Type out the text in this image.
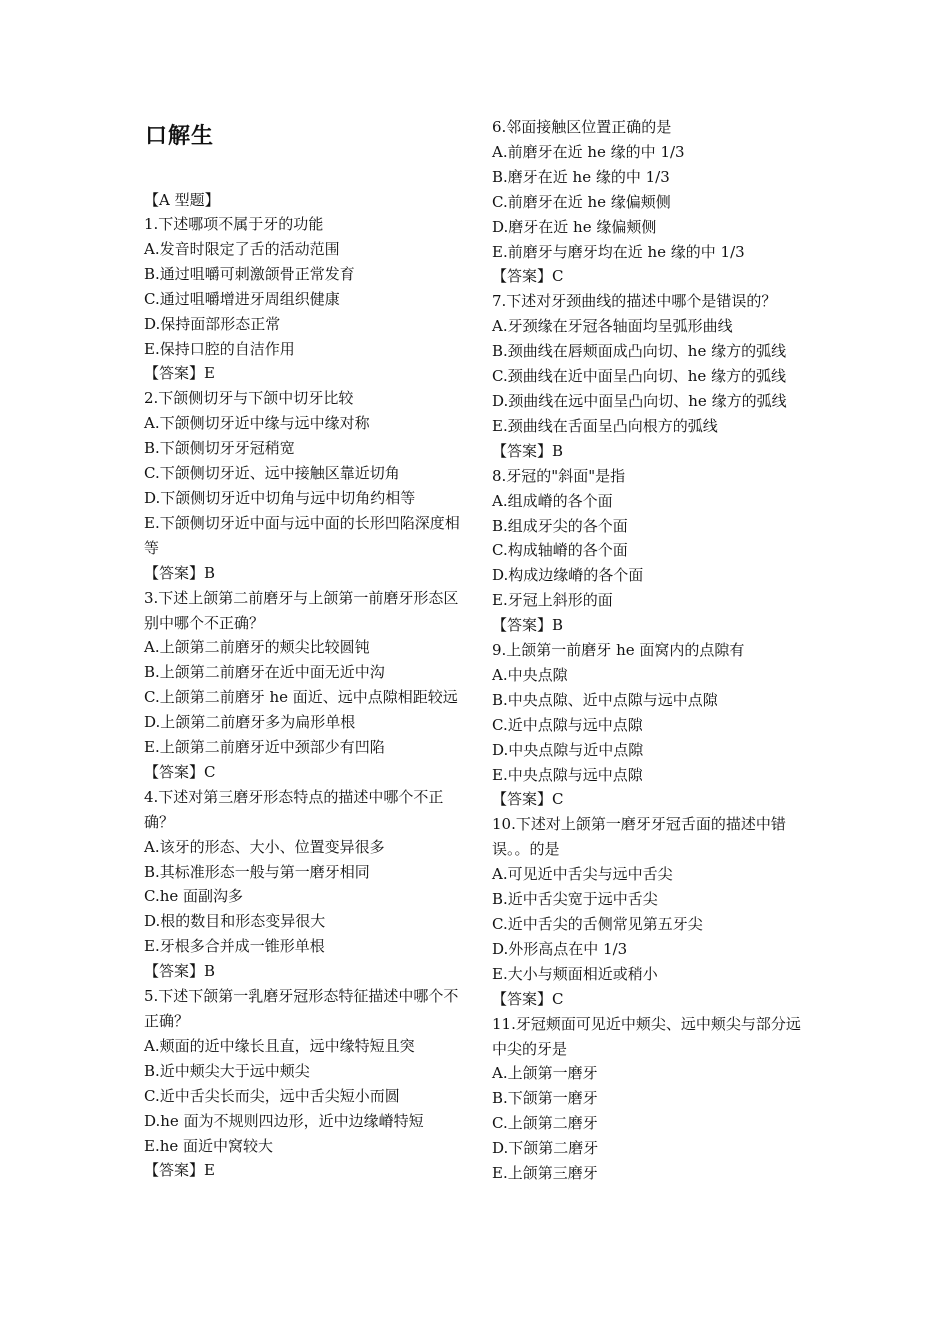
口解生

【A 型题】

1.下述哪项不属于牙的功能

A.发音时限定了舌的活动范围

B.通过咀嚼可刺激颌骨正常发育

C.通过咀嚼增进牙周组织健康

D.保持面部形态正常

E.保持口腔的自洁作用

【答案】E

2.下颌侧切牙与下颌中切牙比较

A.下颌侧切牙近中缘与远中缘对称

B.下颌侧切牙牙冠稍宽

C.下颌侧切牙近、远中接触区靠近切角

D.下颌侧切牙近中切角与远中切角约相等

E.下颌侧切牙近中面与远中面的长形凹陷深度相等

【答案】B

3.下述上颌第二前磨牙与上颌第一前磨牙形态区别中哪个不正确？

A.上颌第二前磨牙的颊尖比较圆钝

B.上颌第二前磨牙在近中面无近中沟

C.上颌第二前磨牙 he 面近、远中点隙相距较远

D.上颌第二前磨牙多为扁形单根

E.上颌第二前磨牙近中颈部少有凹陷

【答案】C

4.下述对第三磨牙形态特点的描述中哪个不正确？

A.该牙的形态、大小、位置变异很多

B.其标准形态一般与第一磨牙相同

C.he 面副沟多

D.根的数目和形态变异很大

E.牙根多合并成一锥形单根

【答案】B

5.下述下颌第一乳磨牙冠形态特征描述中哪个不正确？

A.颊面的近中缘长且直，远中缘特短且突

B.近中颊尖大于远中颊尖

C.近中舌尖长而尖，远中舌尖短小而圆

D.he 面为不规则四边形，近中边缘嵴特短

E.he 面近中窝较大

【答案】E

6.邻面接触区位置正确的是

A.前磨牙在近 he 缘的中 1/3

B.磨牙在近 he 缘的中 1/3

C.前磨牙在近 he 缘偏颊侧

D.磨牙在近 he 缘偏颊侧

E.前磨牙与磨牙均在近 he 缘的中 1/3

【答案】C

7.下述对牙颈曲线的描述中哪个是错误的？

A.牙颈缘在牙冠各轴面均呈弧形曲线

B.颈曲线在唇颊面成凸向切、he 缘方的弧线

C.颈曲线在近中面呈凸向切、he 缘方的弧线

D.颈曲线在远中面呈凸向切、he 缘方的弧线

E.颈曲线在舌面呈凸向根方的弧线

【答案】B

8.牙冠的"斜面"是指

A.组成嵴的各个面

B.组成牙尖的各个面

C.构成轴嵴的各个面

D.构成边缘嵴的各个面

E.牙冠上斜形的面

【答案】B

9.上颌第一前磨牙 he 面窝内的点隙有

A.中央点隙

B.中央点隙、近中点隙与远中点隙

C.近中点隙与远中点隙

D.中央点隙与近中点隙

E.中央点隙与远中点隙

【答案】C

10.下述对上颌第一磨牙牙冠舌面的描述中错误。。的是

A.可见近中舌尖与远中舌尖

B.近中舌尖宽于远中舌尖

C.近中舌尖的舌侧常见第五牙尖

D.外形高点在中 1/3

E.大小与颊面相近或稍小

【答案】C

11.牙冠颊面可见近中颊尖、远中颊尖与部分远中尖的牙是

A.上颌第一磨牙

B.下颌第一磨牙

C.上颌第二磨牙

D.下颌第二磨牙

E.上颌第三磨牙
